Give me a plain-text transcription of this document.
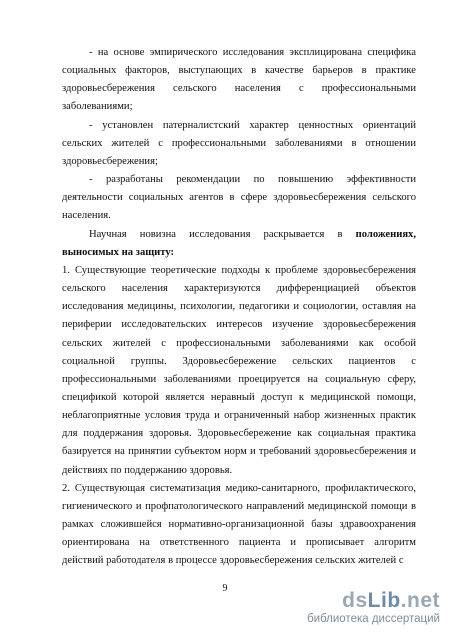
- на основе эмпирического исследования эксплицирована специфика социальных факторов, выступающих в качестве барьеров в практике здоровьесбережения сельского населения с профессиональными заболеваниями;

- установлен патерналистский характер ценностных ориентаций сельских жителей с профессиональными заболеваниями в отношении здоровьесбережения;

- разработаны рекомендации по повышению эффективности деятельности социальных агентов в сфере здоровьесбережения сельского населения.

Научная новизна исследования раскрывается в положениях, выносимых на защиту:

1. Существующие теоретические подходы к проблеме здоровьесбережения сельского населения характеризуются дифференциацией объектов исследования медицины, психологии, педагогики и социологии, оставляя на периферии исследовательских интересов изучение здоровьесбережения сельских жителей с профессиональными заболеваниями как особой социальной группы. Здоровьесбережение сельских пациентов с профессиональными заболеваниями проецируется на социальную сферу, спецификой которой является неравный доступ к медицинской помощи, неблагоприятные условия труда и ограниченный набор жизненных практик для поддержания здоровья. Здоровьесбережение как социальная практика базируется на принятии субъектом норм и требований здоровьесбережения и действиях по поддержанию здоровья.

2. Существующая систематизация медико-санитарного, профилактического, гигиенического и профпатологического направлений медицинской помощи в рамках сложившейся нормативно-организационной базы здравоохранения ориентирована на ответственного пациента и прописывает алгоритм действий работодателя в процессе здоровьесбережения сельских жителей с

9
dsLib.net
библиотека диссертаций
